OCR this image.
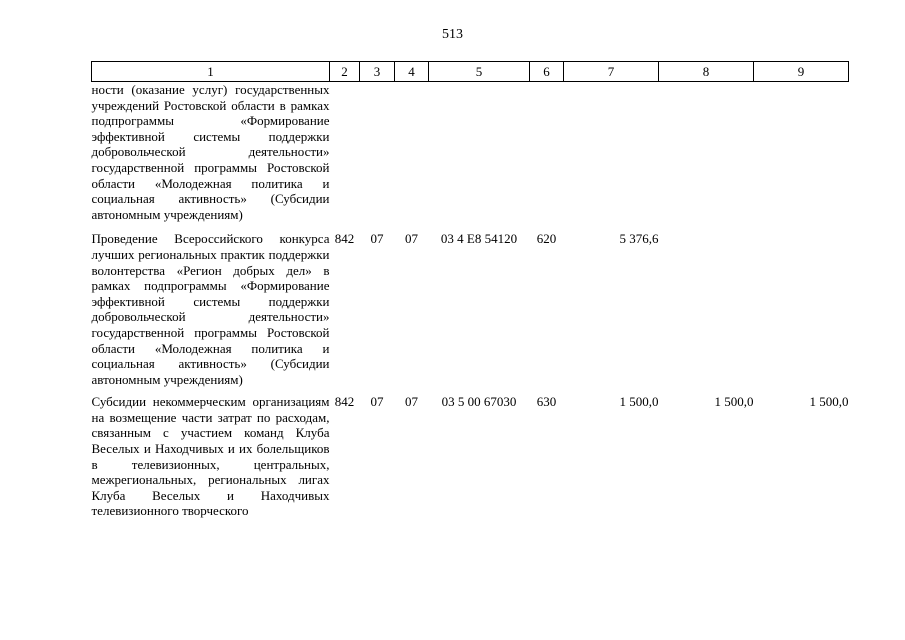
513
1	2	3	4	5	6	7	8	9
ности (оказание услуг) государственных учреждений Ростовской области в рамках подпрограммы «Формирование эффективной системы поддержки добровольческой деятельности» государственной программы Ростовской области «Молодежная политика и социальная активность» (Субсидии автономным учреждениям)								
Проведение Всероссийского конкурса лучших региональных практик поддержки волонтерства «Регион добрых дел» в рамках подпрограммы «Формирование эффективной системы поддержки добровольческой деятельности» государственной программы Ростовской области «Молодежная политика и социальная активность» (Субсидии автономным учреждениям)	842	07	07	03 4 E8 54120	620	5 376,6		
Субсидии некоммерческим организациям на возмещение части затрат по расходам, связанным с участием команд Клуба Веселых и Находчивых и их болельщиков в телевизионных, центральных, межрегиональных, региональных лигах Клуба Веселых и Находчивых телевизионного творческого	842	07	07	03 5 00 67030	630	1 500,0	1 500,0	1 500,0
